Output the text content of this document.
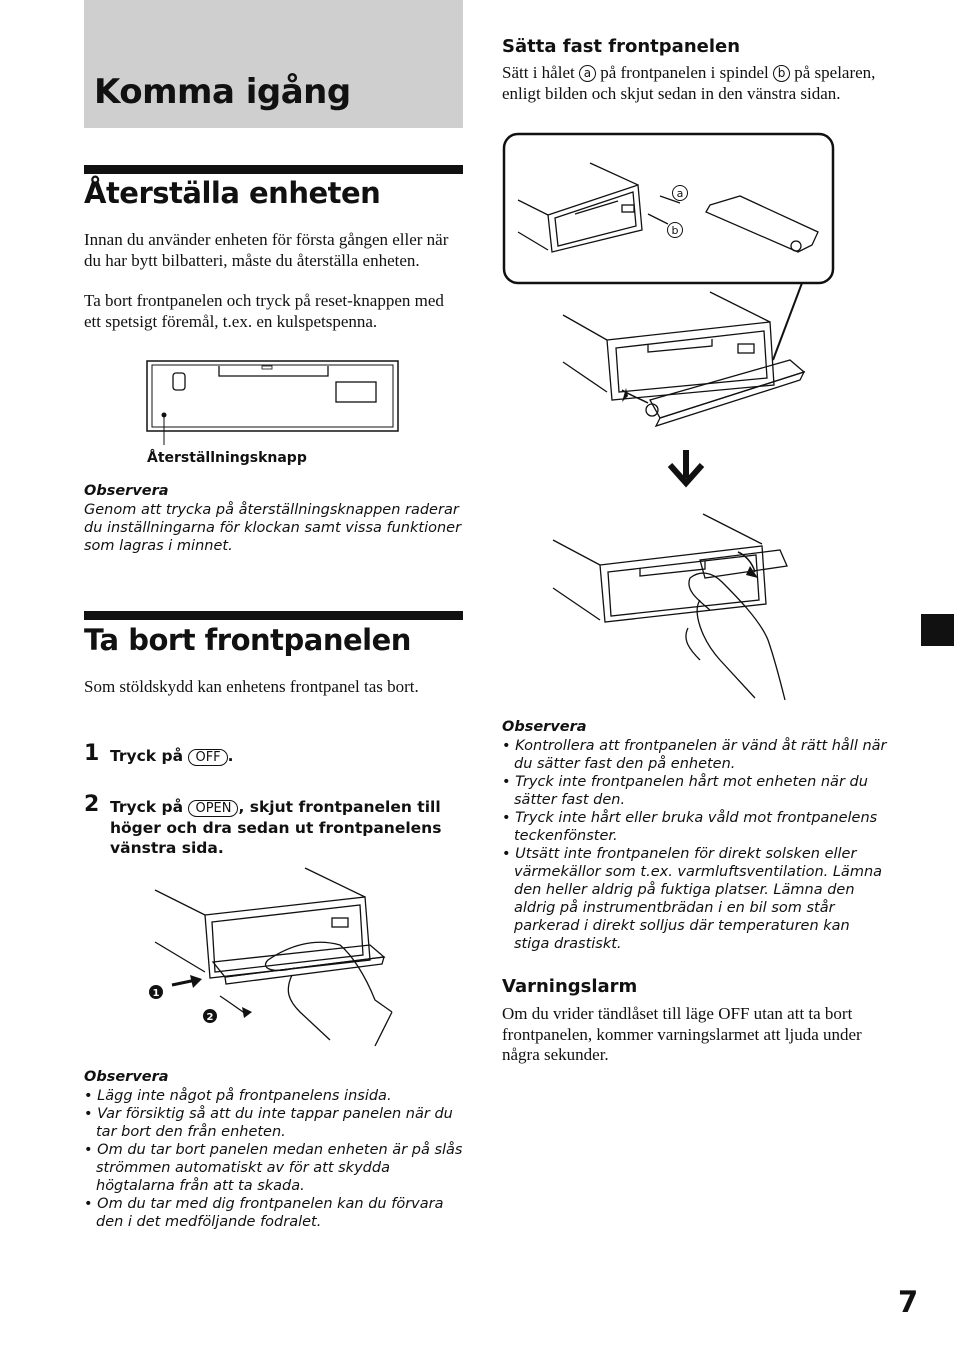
Komma igång
Återställa enheten
Innan du använder enheten för första gången eller när du har bytt bilbatteri, måste du återställa enheten.
Ta bort frontpanelen och tryck på reset-knappen med ett spetsigt föremål, t.ex. en kulspetspenna.
Återställningsknapp
Observera
Genom att trycka på återställningsknappen raderar du inställningarna för klockan samt vissa funktioner som lagras i minnet.
Ta bort frontpanelen
Som stöldskydd kan enhetens frontpanel tas bort.
1 Tryck på OFF .
2 Tryck på OPEN , skjut frontpanelen till höger och dra sedan ut frontpanelens vänstra sida.
1
2
Observera
• Lägg inte något på frontpanelens insida.
• Var försiktig så att du inte tappar panelen när du tar bort den från enheten.
• Om du tar bort panelen medan enheten är på slås strömmen automatiskt av för att skydda högtalarna från att ta skada.
• Om du tar med dig frontpanelen kan du förvara den i det medföljande fodralet.
Sätta fast frontpanelen
Sätt i hålet a på frontpanelen i spindel b på spelaren, enligt bilden och skjut sedan in den vänstra sidan.
a
b
Observera
• Kontrollera att frontpanelen är vänd åt rätt håll när du sätter fast den på enheten.
• Tryck inte frontpanelen hårt mot enheten när du sätter fast den.
• Tryck inte hårt eller bruka våld mot frontpanelens teckenfönster.
• Utsätt inte frontpanelen för direkt solsken eller värmekällor som t.ex. varmluftsventilation. Lämna den heller aldrig på fuktiga platser. Lämna den aldrig på instrumentbrädan i en bil som står parkerad i direkt solljus där temperaturen kan stiga drastiskt.
Varningslarm
Om du vrider tändlåset till läge OFF utan att ta bort frontpanelen, kommer varningslarmet att ljuda under några sekunder.
7
